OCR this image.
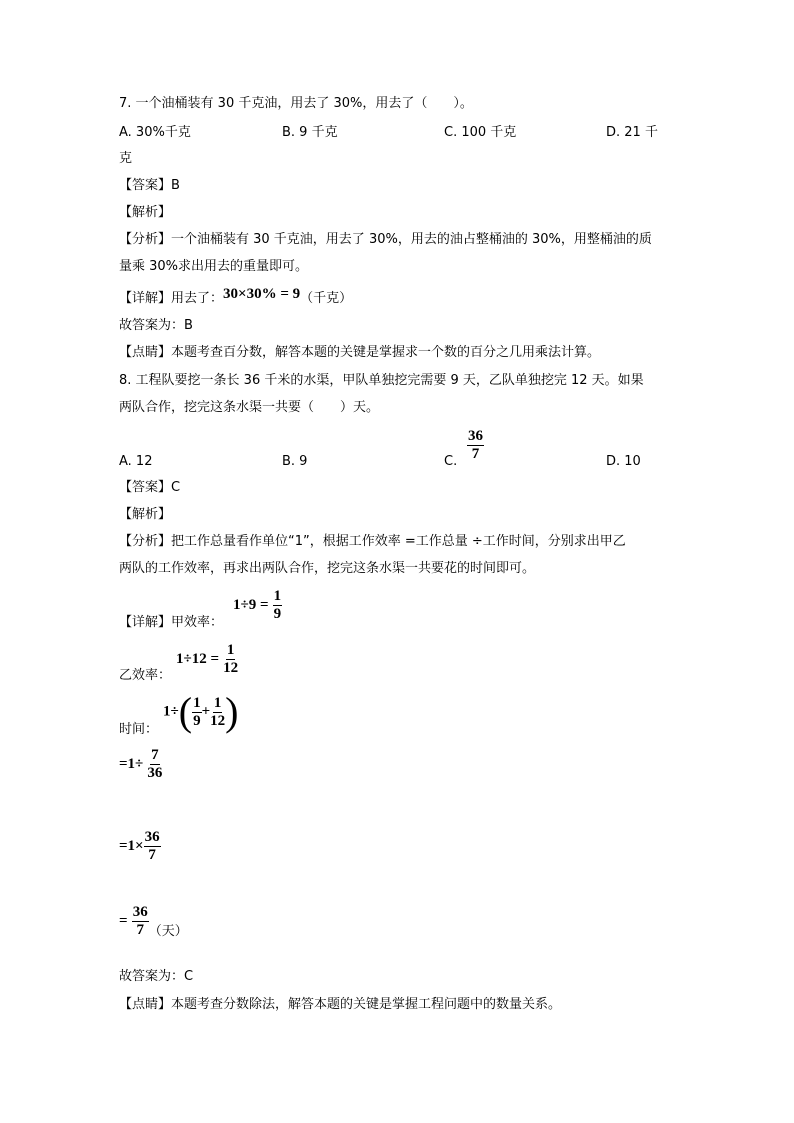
7. 一个油桶装有 30 千克油，用去了 30%，用去了（　　）。
A. 30%千克	B. 9 千克	C. 100 千克	D. 21 千
克
【答案】B
【解析】
【分析】一个油桶装有 30 千克油，用去了 30%，用去的油占整桶油的 30%，用整桶油的质
量乘 30%求出用去的重量即可。
【详解】用去了：30×30% = 9（千克）
故答案为：B
【点睛】本题考查百分数，解答本题的关键是掌握求一个数的百分之几用乘法计算。
8. 工程队要挖一条长 36 千米的水渠，甲队单独挖完需要 9 天，乙队单独挖完 12 天。如果
两队合作，挖完这条水渠一共要（　　）天。
A. 12	B. 9	C. $\frac{36}{7}$	D. 10
【答案】C
【解析】
【分析】把工作总量看作单位“1”，根据工作效率 =工作总量 ÷工作时间，分别求出甲乙
两队的工作效率，再求出两队合作，挖完这条水渠一共要花的时间即可。
【详解】甲效率：
$1\div 9 = \frac{1}{9}$
乙效率：
$1\div 12 = \frac{1}{12}$
时间：
$1\div( \frac{1}{9} + \frac{1}{12}$ )
$=1\div \frac{7}{36}$
$=1\times \frac{36}{7}$
= $\frac{36}{7}$ （天）
故答案为：C
【点睛】本题考查分数除法，解答本题的关键是掌握工程问题中的数量关系。
